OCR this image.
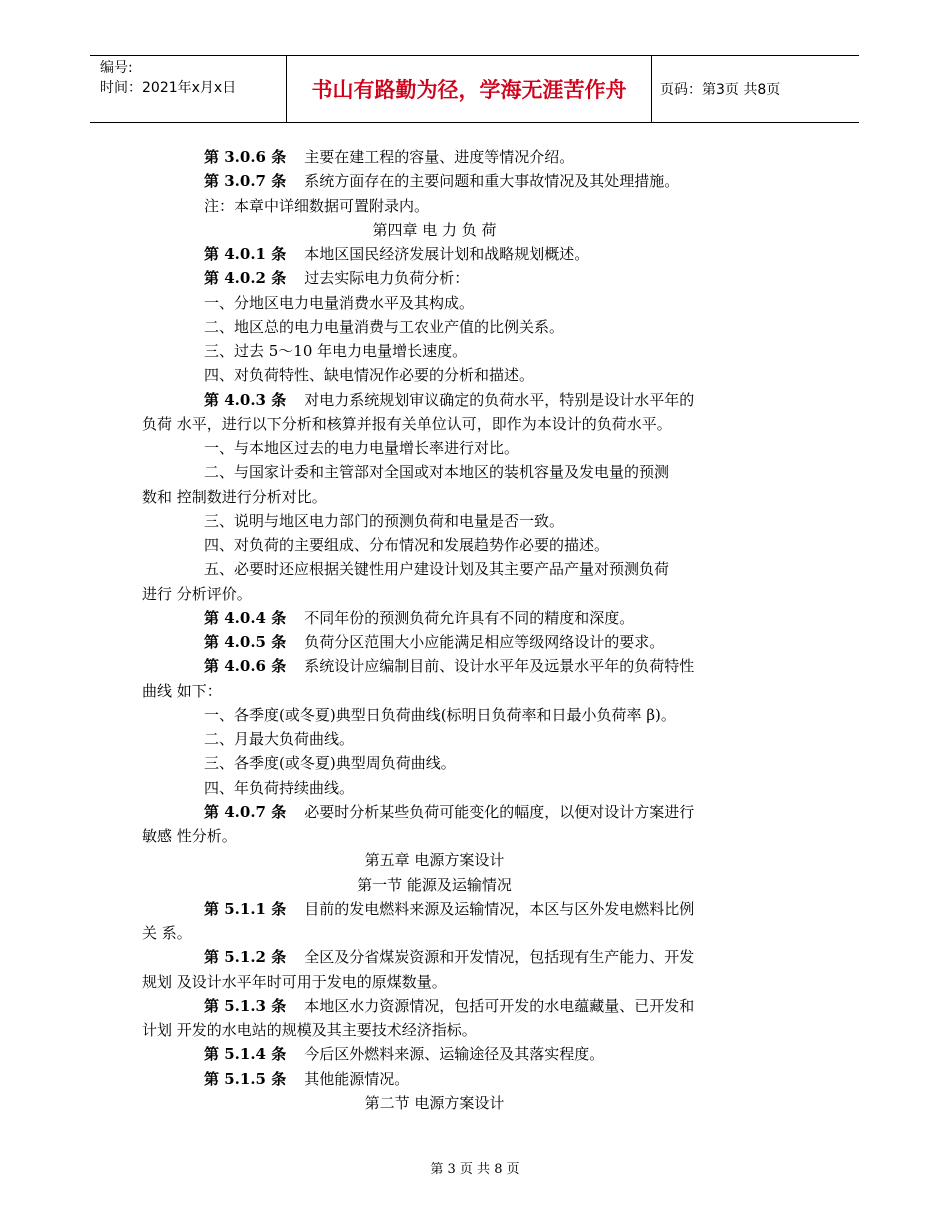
编号:
时间：2021年x月x日	书山有路勤为径，学海无涯苦作舟	页码：第3页 共8页
第 3.0.6 条 主要在建工程的容量、进度等情况介绍。
第 3.0.7 条 系统方面存在的主要问题和重大事故情况及其处理措施。
注：本章中详细数据可置附录内。
第四章 电 力 负 荷
第 4.0.1 条 本地区国民经济发展计划和战略规划概述。
第 4.0.2 条 过去实际电力负荷分析：
一、分地区电力电量消费水平及其构成。
二、地区总的电力电量消费与工农业产值的比例关系。
三、过去 5～10 年电力电量增长速度。
四、对负荷特性、缺电情况作必要的分析和描述。
第 4.0.3 条 对电力系统规划审议确定的负荷水平，特别是设计水平年的
负荷 水平，进行以下分析和核算并报有关单位认可，即作为本设计的负荷水平。
一、与本地区过去的电力电量增长率进行对比。
二、与国家计委和主管部对全国或对本地区的装机容量及发电量的预测
数和 控制数进行分析对比。
三、说明与地区电力部门的预测负荷和电量是否一致。
四、对负荷的主要组成、分布情况和发展趋势作必要的描述。
五、必要时还应根据关键性用户建设计划及其主要产品产量对预测负荷
进行 分析评价。
第 4.0.4 条 不同年份的预测负荷允许具有不同的精度和深度。
第 4.0.5 条 负荷分区范围大小应能满足相应等级网络设计的要求。
第 4.0.6 条 系统设计应编制目前、设计水平年及远景水平年的负荷特性
曲线 如下：
一、各季度(或冬夏)典型日负荷曲线(标明日负荷率和日最小负荷率 β)。
二、月最大负荷曲线。
三、各季度(或冬夏)典型周负荷曲线。
四、年负荷持续曲线。
第 4.0.7 条 必要时分析某些负荷可能变化的幅度，以便对设计方案进行
敏感 性分析。
第五章 电源方案设计
第一节 能源及运输情况
第 5.1.1 条 目前的发电燃料来源及运输情况，本区与区外发电燃料比例
关 系。
第 5.1.2 条 全区及分省煤炭资源和开发情况，包括现有生产能力、开发
规划 及设计水平年时可用于发电的原煤数量。
第 5.1.3 条 本地区水力资源情况，包括可开发的水电蕴藏量、已开发和
计划 开发的水电站的规模及其主要技术经济指标。
第 5.1.4 条 今后区外燃料来源、运输途径及其落实程度。
第 5.1.5 条 其他能源情况。
第二节 电源方案设计
第 3 页 共 8 页
